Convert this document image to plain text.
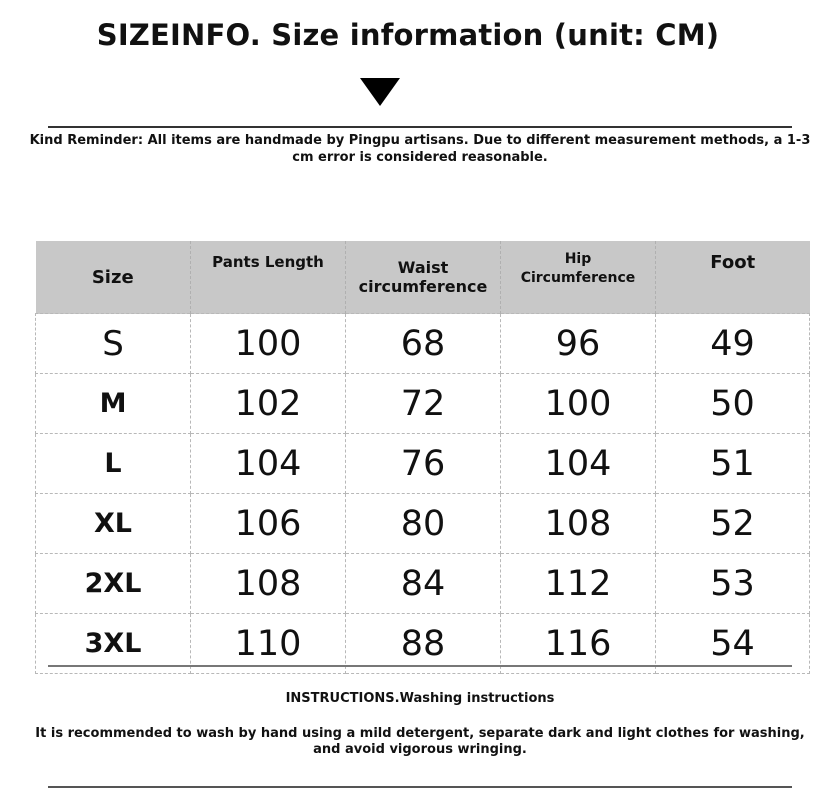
SIZEINFO. Size information (unit: CM)
Kind Reminder: All items are handmade by Pingpu artisans. Due to different measurement methods, a 1-3 cm error is considered reasonable.
Size	Pants Length	Waist circumference	Hip Circumference	Foot
S	100	68	96	49
M	102	72	100	50
L	104	76	104	51
XL	106	80	108	52
2XL	108	84	112	53
3XL	110	88	116	54
INSTRUCTIONS.Washing instructions
It is recommended to wash by hand using a mild detergent, separate dark and light clothes for washing, and avoid vigorous wringing.
